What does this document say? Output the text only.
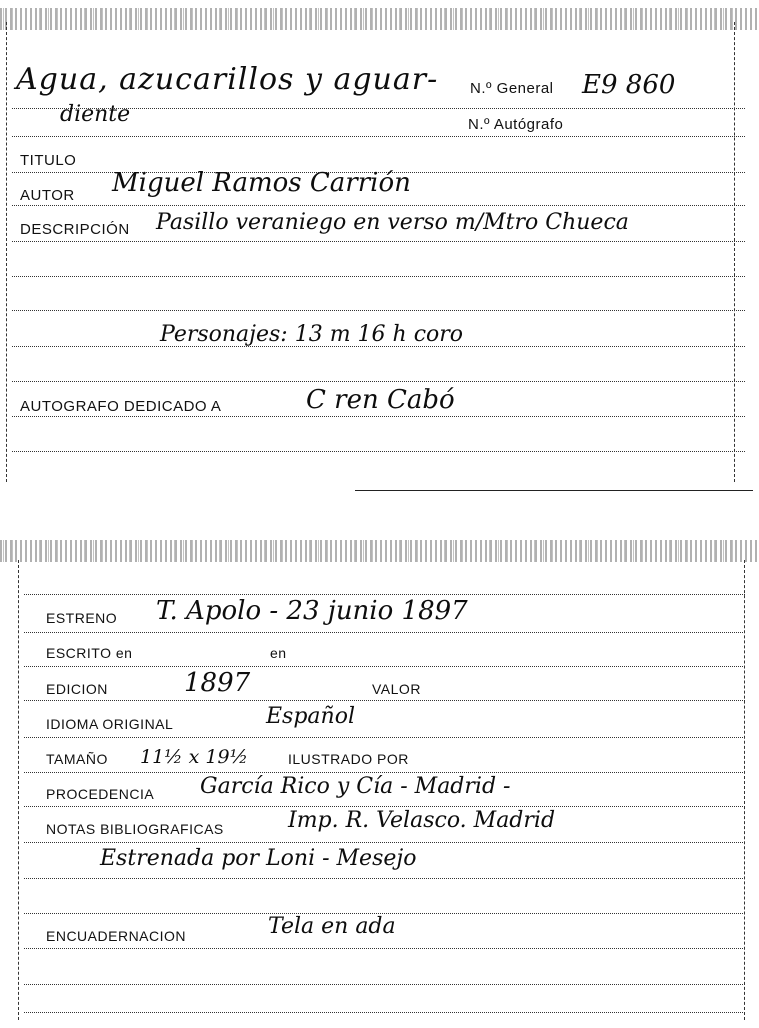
Agua, azucarillos y aguar-
diente
N.º General E9 860
N.º Autógrafo
TITULO
AUTOR Miguel Ramos Carrión
DESCRIPCIÓN Pasillo veraniego en verso m/Mtro Chueca
Personajes: 13 m 16 h coro
AUTOGRAFO DEDICADO A	C ren Cabó
ESTRENO T. Apolo - 23 junio 1897
ESCRITO en	en
EDICION	1897	VALOR
IDIOMA ORIGINAL	Español
TAMAÑO 11½ x 19½	ILUSTRADO POR
PROCEDENCIA García Rico y Cía - Madrid -
NOTAS BIBLIOGRAFICAS	Imp. R. Velasco. Madrid
Estrenada por Loni - Mesejo
ENCUADERNACION	Tela en ada
